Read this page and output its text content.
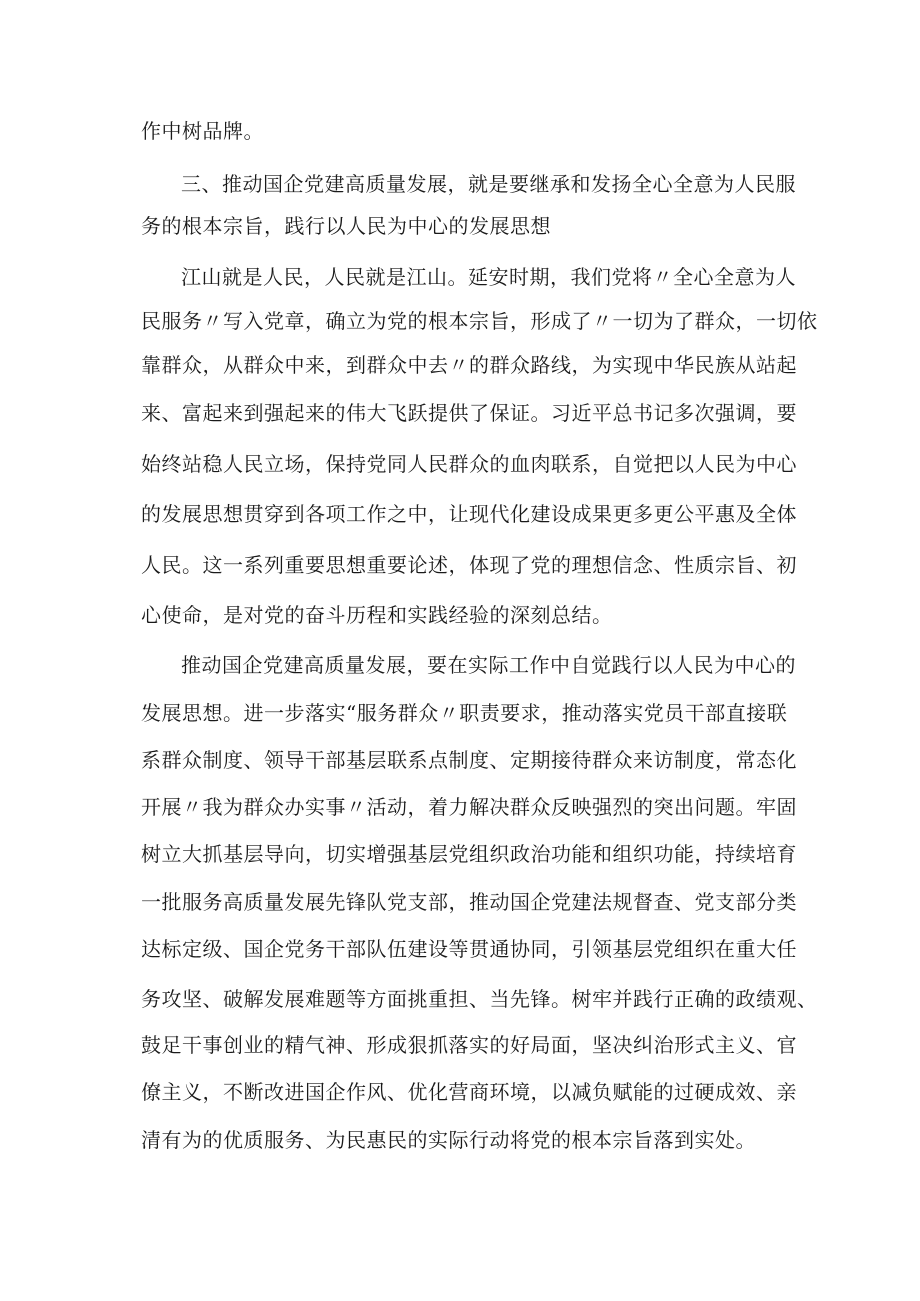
作中树品牌。
三、推动国企党建高质量发展，就是要继承和发扬全心全意为人民服
务的根本宗旨，践行以人民为中心的发展思想
江山就是人民，人民就是江山。延安时期，我们党将〃全心全意为人
民服务〃写入党章，确立为党的根本宗旨，形成了〃一切为了群众，一切依
靠群众，从群众中来，到群众中去〃的群众路线，为实现中华民族从站起
来、富起来到强起来的伟大飞跃提供了保证。习近平总书记多次强调，要
始终站稳人民立场，保持党同人民群众的血肉联系，自觉把以人民为中心
的发展思想贯穿到各项工作之中，让现代化建设成果更多更公平惠及全体
人民。这一系列重要思想重要论述，体现了党的理想信念、性质宗旨、初
心使命，是对党的奋斗历程和实践经验的深刻总结。
推动国企党建高质量发展，要在实际工作中自觉践行以人民为中心的
发展思想。进一步落实“服务群众〃职责要求，推动落实党员干部直接联
系群众制度、领导干部基层联系点制度、定期接待群众来访制度，常态化
开展〃我为群众办实事〃活动，着力解决群众反映强烈的突出问题。牢固
树立大抓基层导向，切实增强基层党组织政治功能和组织功能，持续培育
一批服务高质量发展先锋队党支部，推动国企党建法规督查、党支部分类
达标定级、国企党务干部队伍建设等贯通协同，引领基层党组织在重大任
务攻坚、破解发展难题等方面挑重担、当先锋。树牢并践行正确的政绩观、
鼓足干事创业的精气神、形成狠抓落实的好局面，坚决纠治形式主义、官
僚主义，不断改进国企作风、优化营商环境，以减负赋能的过硬成效、亲
清有为的优质服务、为民惠民的实际行动将党的根本宗旨落到实处。
